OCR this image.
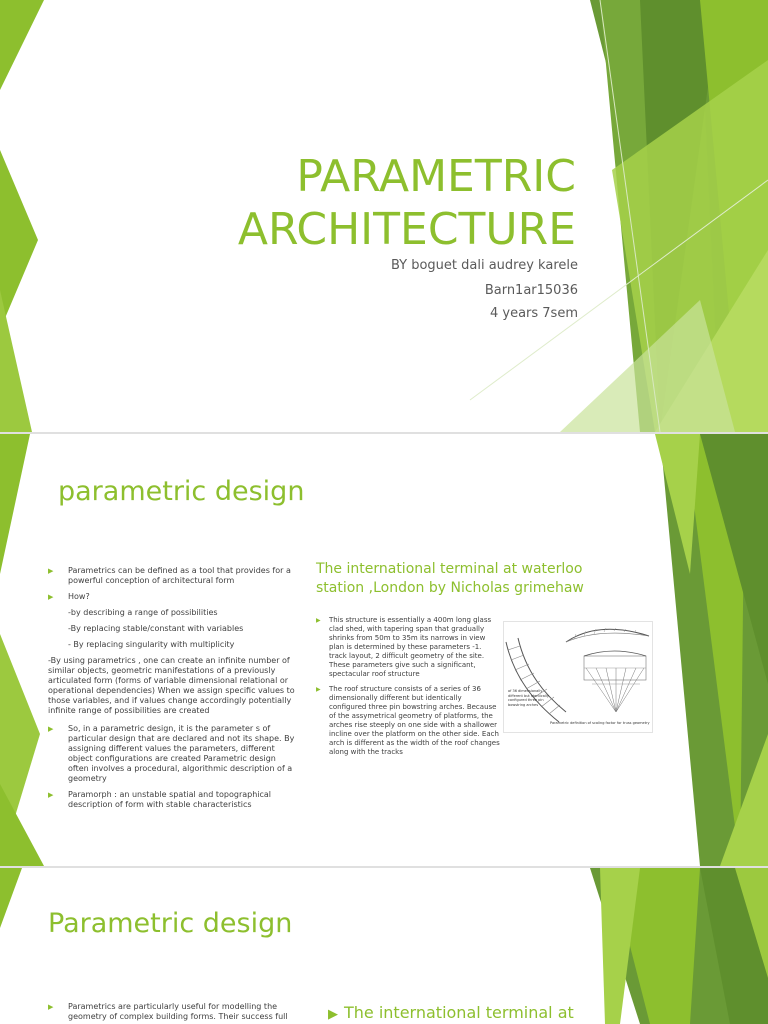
PARAMETRIC
ARCHITECTURE

BY boguet dali audrey karele

Barn1ar15036

4 years 7sem

parametric design
▶	Parametrics can be defined as a tool that provides for a powerful conception of architectural form
▶	How?
-by describing a range of possibilities
-By replacing stable/constant with variables
- By replacing singularity with multiplicity
-By using parametrics , one can create an infinite number of similar objects, geometric manifestations of a previously articulated form (forms of variable dimensional relational or operational dependencies) When we assign specific values to those variables, and if values change accordingly potentially infinite range of possibilities are created
▶	So, in a parametric design, it is the parameter s of particular design that are declared and not its shape. By assigning different values the parameters, different object configurations are created Parametric design often involves a procedural, algorithmic description of a geometry
▶	Paramorph : an unstable spatial and topographical description of form with stable characteristics
The international terminal at waterloo station ,London by Nicholas grimehaw
▶	This structure is essentially a 400m long glass clad shed, with tapering span that gradually shrinks from 50m to 35m its narrows in view plan is determined by these parameters -1. track layout, 2 difficult geometry of the site. These parameters give such a significant, spectacular roof structure
▶	The roof structure consists of a series of 36 dimensionally different but identically configured three pin bowstring arches. Because of the assymetrical geometry of platforms, the arches rise steeply on one side with a shallower incline over the platform on the other side. Each arch is different as the width of the roof changes along with the tracks
of 36 dimensionally different but identically configured three pin bowstring arches
Parametric definition of scaling factor for truss geometry
Parametric design
▶	Parametrics are particularly useful for modelling the geometry of complex building forms. Their success full	▶ The international terminal at
